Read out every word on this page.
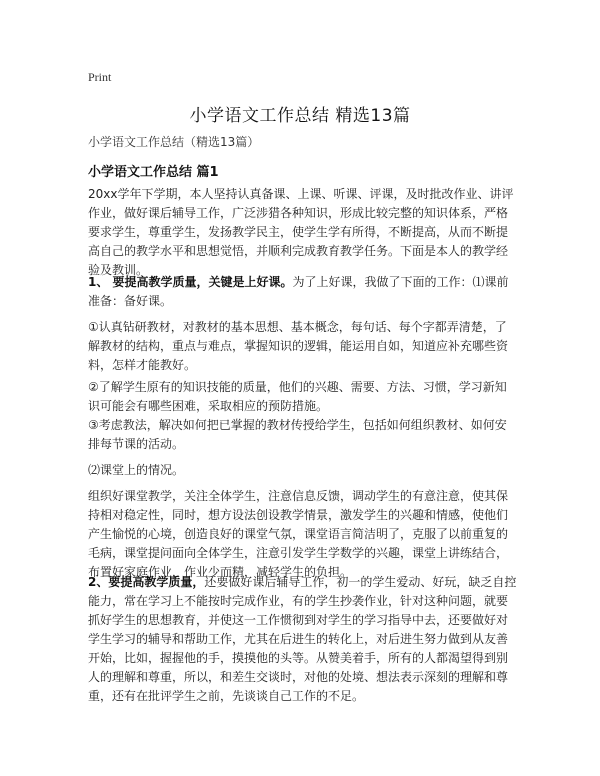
Print
小学语文工作总结 精选13篇
小学语文工作总结（精选13篇）
小学语文工作总结 篇1
20xx学年下学期，本人坚持认真备课、上课、听课、评课，及时批改作业、讲评作业，做好课后辅导工作，广泛涉猎各种知识，形成比较完整的知识体系，严格要求学生，尊重学生，发扬教学民主，使学生学有所得，不断提高，从而不断提高自己的教学水平和思想觉悟，并顺利完成教育教学任务。下面是本人的教学经验及教训。
1、 要提高教学质量，关键是上好课。为了上好课，我做了下面的工作：⑴课前准备：备好课。
①认真钻研教材，对教材的基本思想、基本概念，每句话、每个字都弄清楚，了解教材的结构，重点与难点，掌握知识的逻辑，能运用自如，知道应补充哪些资料，怎样才能教好。
②了解学生原有的知识技能的质量，他们的兴趣、需要、方法、习惯，学习新知识可能会有哪些困难，采取相应的预防措施。
③考虑教法，解决如何把已掌握的教材传授给学生，包括如何组织教材、如何安排每节课的活动。
⑵课堂上的情况。
组织好课堂教学，关注全体学生，注意信息反馈，调动学生的有意注意，使其保持相对稳定性，同时，想方设法创设教学情景，激发学生的兴趣和情感，使他们产生愉悦的心境，创造良好的课堂气氛，课堂语言简洁明了，克服了以前重复的毛病，课堂提问面向全体学生，注意引发学生学数学的兴趣，课堂上讲练结合，布置好家庭作业，作业少而精，减轻学生的负担。
2、要提高教学质量，还要做好课后辅导工作，初一的学生爱动、好玩，缺乏自控能力，常在学习上不能按时完成作业，有的学生抄袭作业，针对这种问题，就要抓好学生的思想教育，并使这一工作惯彻到对学生的学习指导中去，还要做好对学生学习的辅导和帮助工作，尤其在后进生的转化上，对后进生努力做到从友善开始，比如，握握他的手，摸摸他的头等。从赞美着手，所有的人都渴望得到别人的理解和尊重，所以，和差生交谈时，对他的处境、想法表示深刻的理解和尊重，还有在批评学生之前，先谈谈自己工作的不足。
